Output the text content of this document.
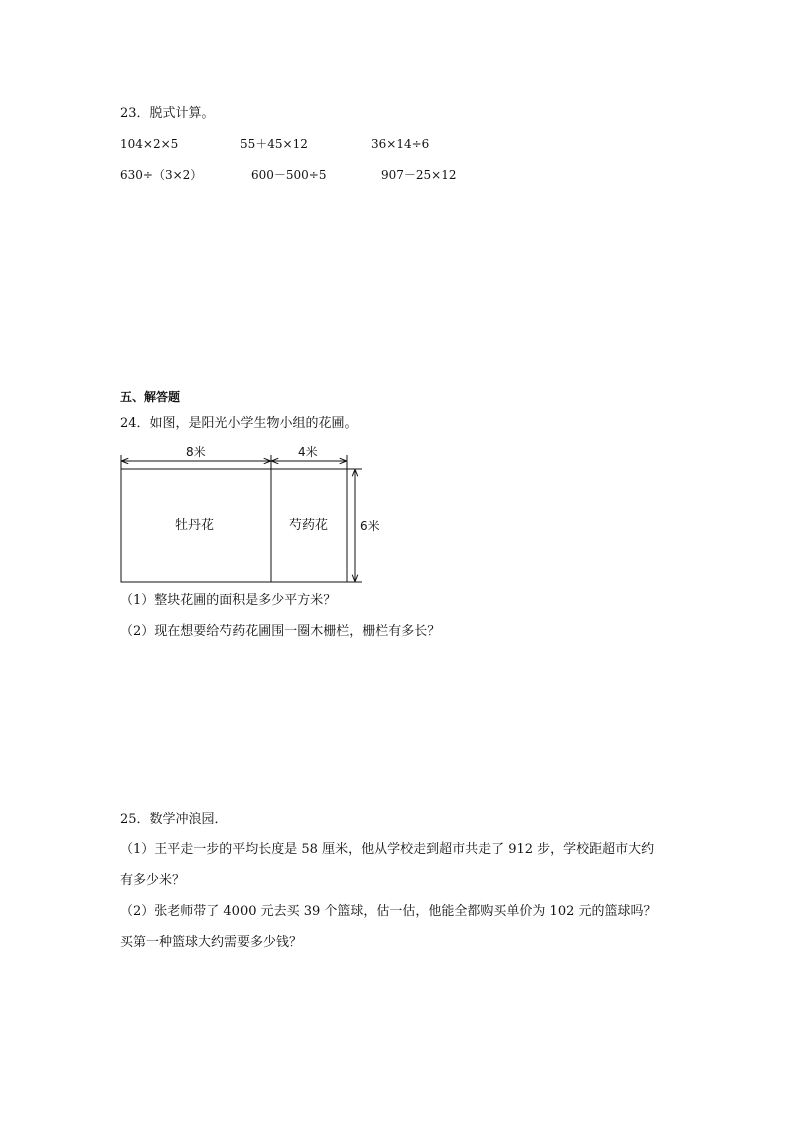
23．脱式计算。
104×2×5	55＋45×12	36×14÷6
630÷（3×2）	600－500÷5	907－25×12
五、解答题
24．如图，是阳光小学生物小组的花圃。
8米	4米
6米
牡丹花	芍药花
（1）整块花圃的面积是多少平方米？
（2）现在想要给芍药花圃围一圈木栅栏，栅栏有多长？
25．数学冲浪园．
（1）王平走一步的平均长度是 58 厘米，他从学校走到超市共走了 912 步，学校距超市大约
有多少米？
（2）张老师带了 4000 元去买 39 个篮球，估一估，他能全都购买单价为 102 元的篮球吗？
买第一种篮球大约需要多少钱？
